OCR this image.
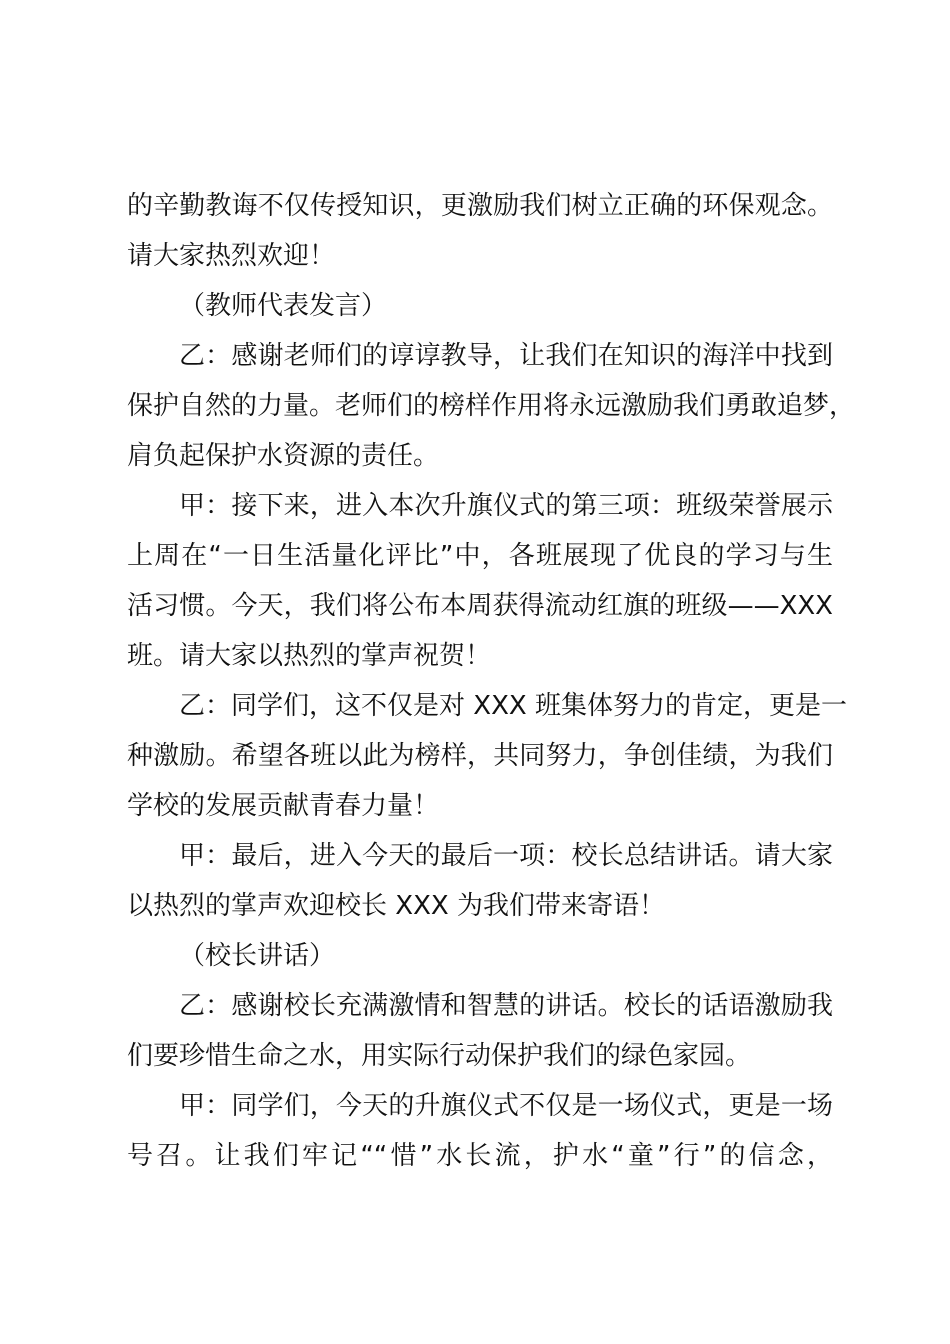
的辛勤教诲不仅传授知识，更激励我们树立正确的环保观念。
请大家热烈欢迎！
（教师代表发言）
乙：感谢老师们的谆谆教导，让我们在知识的海洋中找到
保护自然的力量。老师们的榜样作用将永远激励我们勇敢追梦，
肩负起保护水资源的责任。
甲：接下来，进入本次升旗仪式的第三项：班级荣誉展示
上周在“一日生活量化评比”中，各班展现了优良的学习与生
活习惯。今天，我们将公布本周获得流动红旗的班级——XXX
班。请大家以热烈的掌声祝贺！
乙：同学们，这不仅是对 XXX 班集体努力的肯定，更是一
种激励。希望各班以此为榜样，共同努力，争创佳绩，为我们
学校的发展贡献青春力量！
甲：最后，进入今天的最后一项：校长总结讲话。请大家
以热烈的掌声欢迎校长 XXX 为我们带来寄语！
（校长讲话）
乙：感谢校长充满激情和智慧的讲话。校长的话语激励我
们要珍惜生命之水，用实际行动保护我们的绿色家园。
甲：同学们，今天的升旗仪式不仅是一场仪式，更是一场
号召。让我们牢记““惜”水长流，护水“童”行”的信念，
